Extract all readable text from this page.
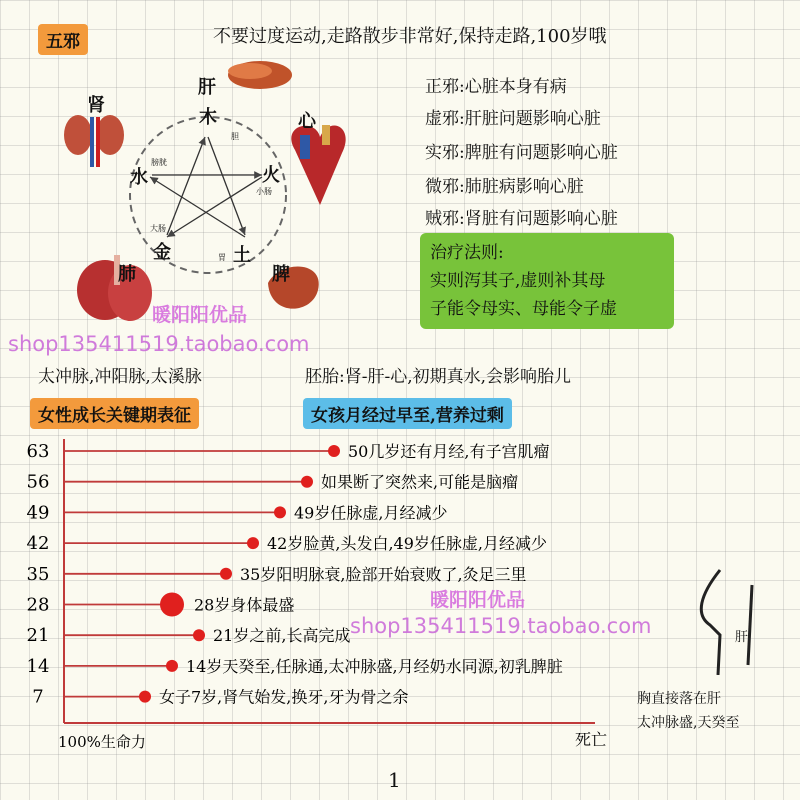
五邪	不要过度运动,走路散步非常好,保持走路,100岁哦
肝
木
胆
心
火
小肠
脾
土
胃
肺
金
大肠
肾
水
膀胱
正邪:心脏本身有病
虚邪:肝脏问题影响心脏
实邪:脾脏有问题影响心脏
微邪:肺脏病影响心脏
贼邪:肾脏有问题影响心脏
治疗法则:
实则泻其子,虚则补其母
子能令母实、母能令子虚
暖阳阳优品
shop135411519.taobao.com
太冲脉,冲阳脉,太溪脉	胚胎:肾-肝-心,初期真水,会影响胎儿
女性成长关键期表征	女孩月经过早至,营养过剩
63	50几岁还有月经,有子宫肌瘤
56	如果断了突然来,可能是脑瘤
49	49岁任脉虚,月经减少
42	42岁脸黄,头发白,49岁任脉虚,月经减少
35	35岁阳明脉衰,脸部开始衰败了,灸足三里
28	28岁身体最盛
21	21岁之前,长高完成
14	14岁天癸至,任脉通,太冲脉盛,月经奶水同源,初乳脾脏
7	女子7岁,肾气始发,换牙,牙为骨之余
100%生命力	死亡
暖阳阳优品
shop135411519.taobao.com	肝
胸直接落在肝
太冲脉盛,天癸至
1
